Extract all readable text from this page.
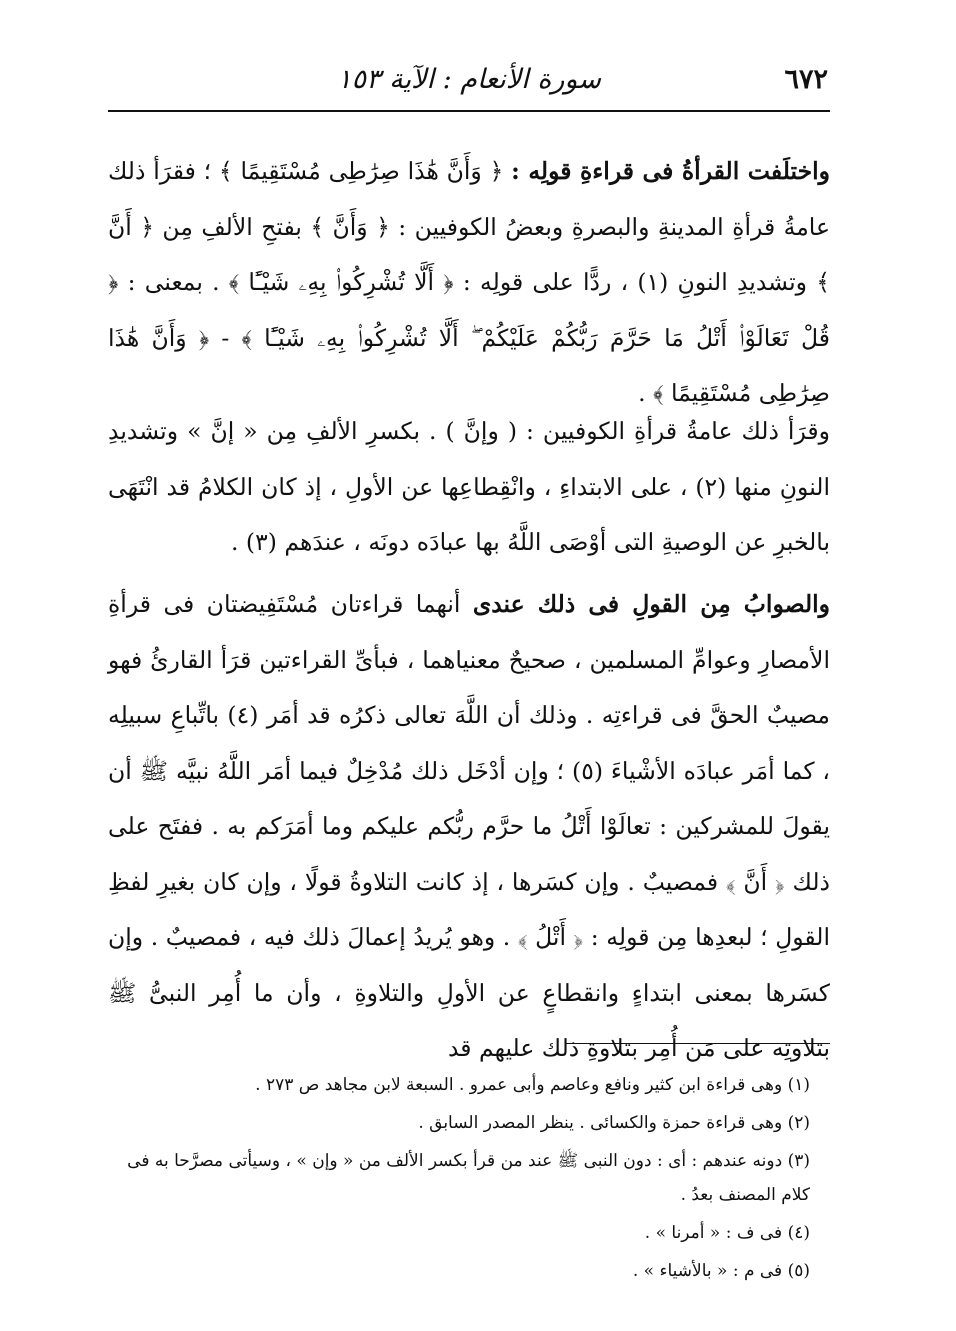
٦٧٢
سورة الأنعام : الآية ١٥٣

واختلَفت القرأةُ فى قراءةِ قولِه : ﴿ وَأَنَّ هَٰذَا صِرَٰطِى مُسْتَقِيمًا ﴾ ؛ فقرَأ ذلك عامةُ قرأةِ المدينةِ والبصرةِ وبعضُ الكوفيين : ﴿ وَأَنَّ ﴾ بفتحِ الألفِ مِن ﴿ أَنَّ ﴾ وتشديدِ النونِ (١) ، ردًّا على قولِه : ﴿ أَلَّا تُشْرِكُوا۟ بِهِۦ شَيْـًٔا ﴾ . بمعنى : ﴿ قُلْ تَعَالَوْا۟ أَتْلُ مَا حَرَّمَ رَبُّكُمْ عَلَيْكُمْ ۖ أَلَّا تُشْرِكُوا۟ بِهِۦ شَيْـًٔا ﴾ - ﴿ وَأَنَّ هَٰذَا صِرَٰطِى مُسْتَقِيمًا ﴾ .

وقرَأ ذلك عامةُ قرأةِ الكوفيين : ( وإنَّ ) . بكسرِ الألفِ مِن « إنَّ » وتشديدِ النونِ منها (٢) ، على الابتداءِ ، وانْقِطاعِها عن الأولِ ، إذ كان الكلامُ قد انْتَهَى بالخبرِ عن الوصيةِ التى أوْصَى اللَّهُ بها عبادَه دونَه ، عندَهم (٣) .

والصوابُ مِن القولِ فى ذلك عندى أنهما قراءتان مُسْتَفِيضتان فى قرأةِ الأمصارِ وعوامِّ المسلمين ، صحيحٌ معنياهما ، فبأىِّ القراءتين قرَأ القارئُ فهو مصيبٌ الحقَّ فى قراءتِه . وذلك أن اللَّهَ تعالى ذكرُه قد أمَر (٤) باتِّباعِ سبيلِه ، كما أمَر عبادَه الأشْياءَ (٥) ؛ وإن أدْخَل ذلك مُدْخِلٌ فيما أمَر اللَّهُ نبيَّه ﷺ أن يقولَ للمشركين : تعالَوْا أَتْلُ ما حرَّم ربُّكم عليكم وما أمَرَكم به . ففتَح على ذلك ﴿ أَنَّ ﴾ فمصيبٌ . وإن كسَرها ، إذ كانت التلاوةُ قولًا ، وإن كان بغيرِ لفظِ القولِ ؛ لبعدِها مِن قولِه : ﴿ أَتْلُ ﴾ . وهو يُريدُ إعمالَ ذلك فيه ، فمصيبٌ . وإن كسَرها بمعنى ابتداءٍ وانقطاعٍ عن الأولِ والتلاوةِ ، وأن ما أُمِر النبىُّ ﷺ بتلاوتِه على مَن أُمِر بتلاوةِ ذلك عليهم قد

(١) وهى قراءة ابن كثير ونافع وعاصم وأبى عمرو . السبعة لابن مجاهد ص ٢٧٣ .

(٢) وهى قراءة حمزة والكسائى . ينظر المصدر السابق .

(٣) دونه عندهم : أى : دون النبى ﷺ عند من قرأ بكسر الألف من « وإن » ، وسيأتى مصرَّحا به فى كلام المصنف بعدُ .

(٤) فى ف : « أمرنا » .

(٥) فى م : « بالأشياء » .
